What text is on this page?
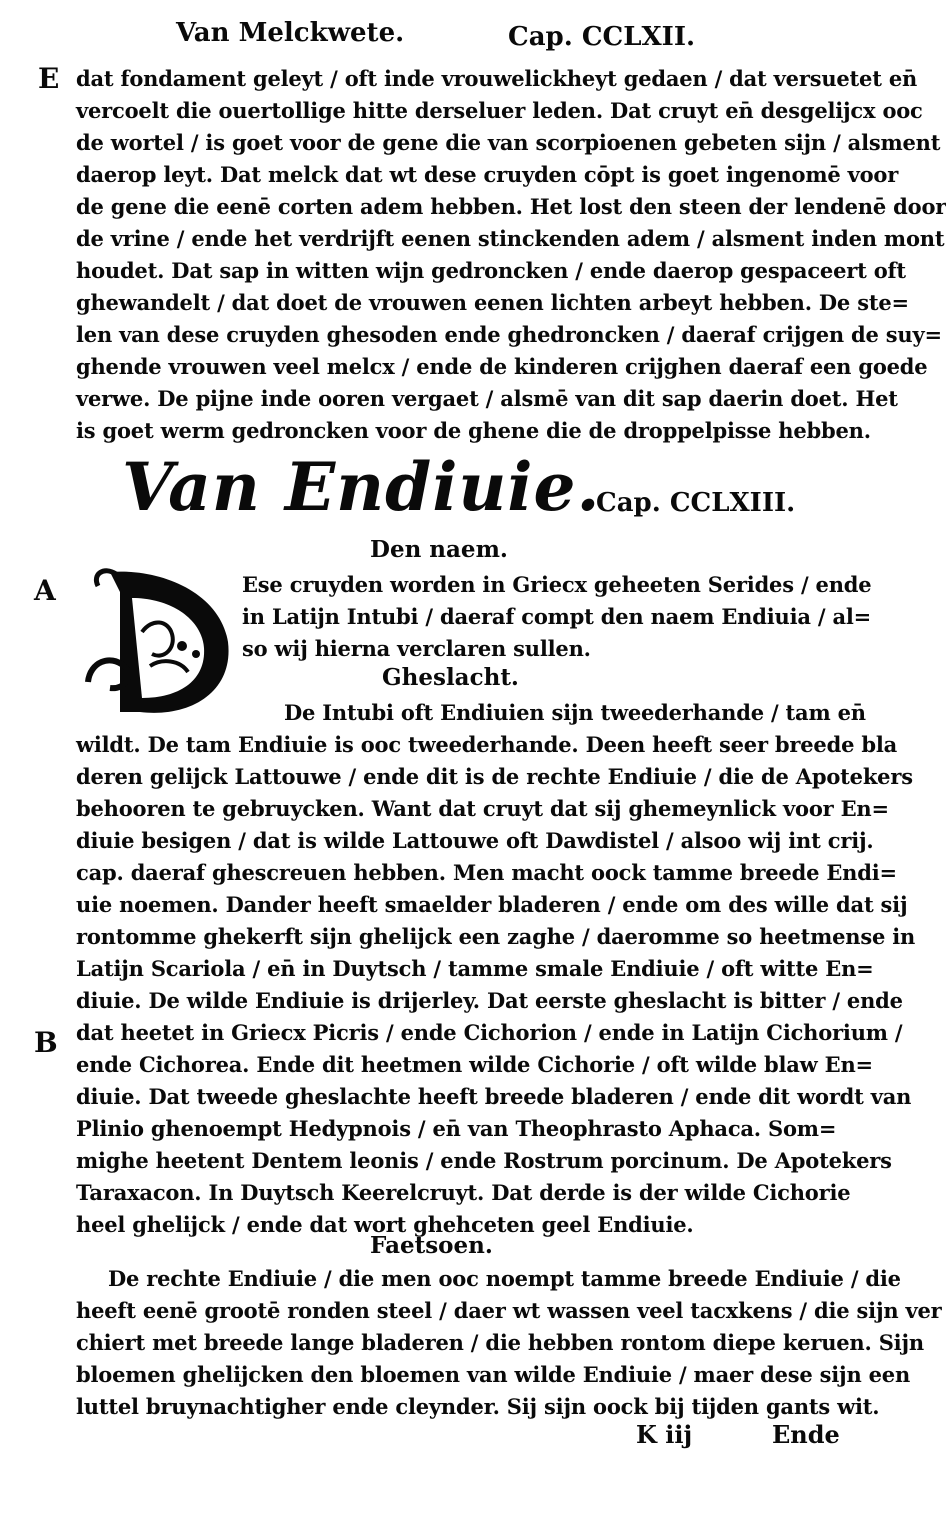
Van Melckwete.	Cap. CCLXII.
E
A
B
dat fondament geleyt / oft inde vrouwelickheyt gedaen / dat versuetet en̄
vercoelt die ouertollige hitte derseluer leden. Dat cruyt en̄ desgelijcx ooc
de wortel / is goet voor de gene die van scorpioenen gebeten sijn / alsment
daerop leyt. Dat melck dat wt dese cruyden cōpt is goet ingenomē voor
de gene die eenē corten adem hebben. Het lost den steen der lendenē door
de vrine / ende het verdrijft eenen stinckenden adem / alsment inden mont
houdet. Dat sap in witten wijn gedroncken / ende daerop gespaceert oft
ghewandelt / dat doet de vrouwen eenen lichten arbeyt hebben. De ste=
len van dese cruyden ghesoden ende ghedroncken / daeraf crijgen de suy=
ghende vrouwen veel melcx / ende de kinderen crijghen daeraf een goede
verwe. De pijne inde ooren vergaet / alsmē van dit sap daerin doet. Het
is goet werm gedroncken voor de ghene die de droppelpisse hebben.
Van Endiuie.
Cap. CCLXIII.
Den naem.
Ese cruyden worden in Griecx geheeten Serides / ende
in Latijn Intubi / daeraf compt den naem Endiuia / al=
so wij hierna verclaren sullen.
Gheslacht.
De Intubi oft Endiuien sijn tweederhande / tam en̄
wildt. De tam Endiuie is ooc tweederhande. Deen heeft seer breede bla
deren gelijck Lattouwe / ende dit is de rechte Endiuie / die de Apotekers
behooren te gebruycken. Want dat cruyt dat sij ghemeynlick voor En=
diuie besigen / dat is wilde Lattouwe oft Dawdistel / alsoo wij int crij.
cap. daeraf ghescreuen hebben. Men macht oock tamme breede Endi=
uie noemen. Dander heeft smaelder bladeren / ende om des wille dat sij
rontomme ghekerft sijn ghelijck een zaghe / daeromme so heetmense in
Latijn Scariola / en̄ in Duytsch / tamme smale Endiuie / oft witte En=
diuie. De wilde Endiuie is drijerley. Dat eerste gheslacht is bitter / ende
dat heetet in Griecx Picris / ende Cichorion / ende in Latijn Cichorium /
ende Cichorea. Ende dit heetmen wilde Cichorie / oft wilde blaw En=
diuie. Dat tweede gheslachte heeft breede bladeren / ende dit wordt van
Plinio ghenoempt Hedypnois / en̄ van Theophrasto Aphaca. Som=
mighe heetent Dentem leonis / ende Rostrum porcinum. De Apotekers
Taraxacon. In Duytsch Keerelcruyt. Dat derde is der wilde Cichorie
heel ghelijck / ende dat wort ghehceten geel Endiuie.
Faetsoen.
De rechte Endiuie / die men ooc noempt tamme breede Endiuie / die
heeft eenē grootē ronden steel / daer wt wassen veel tacxkens / die sijn ver
chiert met breede lange bladeren / die hebben rontom diepe keruen. Sijn
bloemen ghelijcken den bloemen van wilde Endiuie / maer dese sijn een
luttel bruynachtigher ende cleynder. Sij sijn oock bij tijden gants wit.
K iij	Ende
